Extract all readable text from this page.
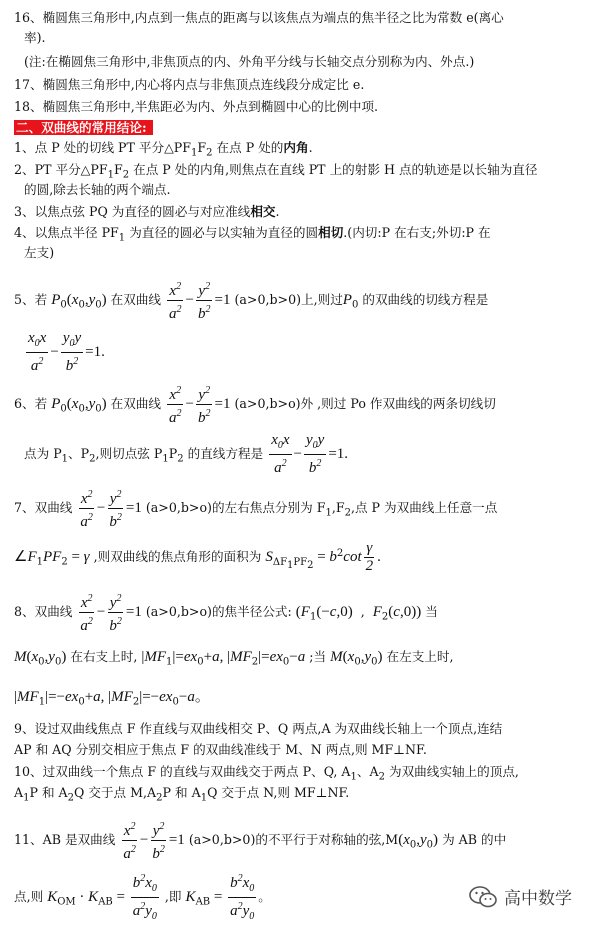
16、椭圆焦三角形中,内点到一焦点的距离与以该焦点为端点的焦半径之比为常数 e(离心
率).
(注:在椭圆焦三角形中,非焦顶点的内、外角平分线与长轴交点分别称为内、外点.)
17、椭圆焦三角形中,内心将内点与非焦顶点连线段分成定比 e.
18、椭圆焦三角形中,半焦距必为内、外点到椭圆中心的比例中项.
二、双曲线的常用结论:
1、点 P 处的切线 PT 平分$\triangle PF_1F_2$ 在点 P 处的内角.
2、PT 平分$\triangle PF_1F_2$ 在点 P 处的内角,则焦点在直线 PT 上的射影 H 点的轨迹是以长轴为直径
的圆,除去长轴的两个端点.
3、以焦点弦 PQ 为直径的圆必与对应准线相交.
4、以焦点半径 $PF_1$ 为直径的圆必与以实轴为直径的圆相切.(内切:P 在右支;外切:P 在
左支)
5、若 $P_0(x_0,y_0)$ 在双曲线 $\frac{x^2}{a^2} - \frac{y^2}{b^2} =1$ (a>0,b>0)上,则过$P_0$ 的双曲线的切线方程是
$\frac{x_0x}{a^2} - \frac{y_0y}{b^2} =1$.
6、若 $P_0(x_0,y_0)$ 在双曲线 $\frac{x^2}{a^2} - \frac{y^2}{b^2} =1$ (a>0,b>o)外 ,则过 Po 作双曲线的两条切线切
点为 $P_1$、$P_2$,则切点弦 $P_1P_2$ 的直线方程是 $\frac{x_0x}{a^2} - \frac{y_0y}{b^2} =1$.
7、双曲线 $\frac{x^2}{a^2} - \frac{y^2}{b^2} =1$ (a>0,b>o)的左右焦点分别为 $F_1,F_2$,点 P 为双曲线上任意一点
$\angle F_1PF_2 = \gamma$ ,则双曲线的焦点角形的面积为 $S_{\Delta F_1PF_2} = b^2\cot \frac{\gamma}{2}$ .
8、双曲线 $\frac{x^2}{a^2} - \frac{y^2}{b^2} =1$ (a>0,b>o)的焦半径公式: ($F_1(-c,0)$  ,  $F_2(c,0)$) 当
$M(x_0,y_0)$ 在右支上时, $|MF_1|=ex_0+a$, $|MF_2|=ex_0-a$ ;当 $M(x_0,y_0)$ 在左支上时,
$|MF_1|=-ex_0+a$, $|MF_2|=-ex_0-a$。
9、设过双曲线焦点 F 作直线与双曲线相交 P、Q 两点,A 为双曲线长轴上一个顶点,连结
AP 和 AQ 分别交相应于焦点 F 的双曲线准线于 M、N 两点,则 MF⊥NF.
10、过双曲线一个焦点 F 的直线与双曲线交于两点 P、Q, $A_1$、$A_2$ 为双曲线实轴上的顶点,
$A_1P$ 和 $A_2Q$ 交于点 $M,A_2P$ 和 $A_1Q$ 交于点 N,则 MF⊥NF.
11、AB 是双曲线 $\frac{x^2}{a^2} - \frac{y^2}{b^2} =1$ (a>0,b>0)的不平行于对称轴的弦$,M(x_0,y_0)$ 为 AB 的中
点,则 $K_{OM} \cdot K_{AB} = \frac{b^2x_0}{a^2y_0}$ ,即 $K_{AB} = \frac{b^2x_0}{a^2y_0}$ 。	高中数学
